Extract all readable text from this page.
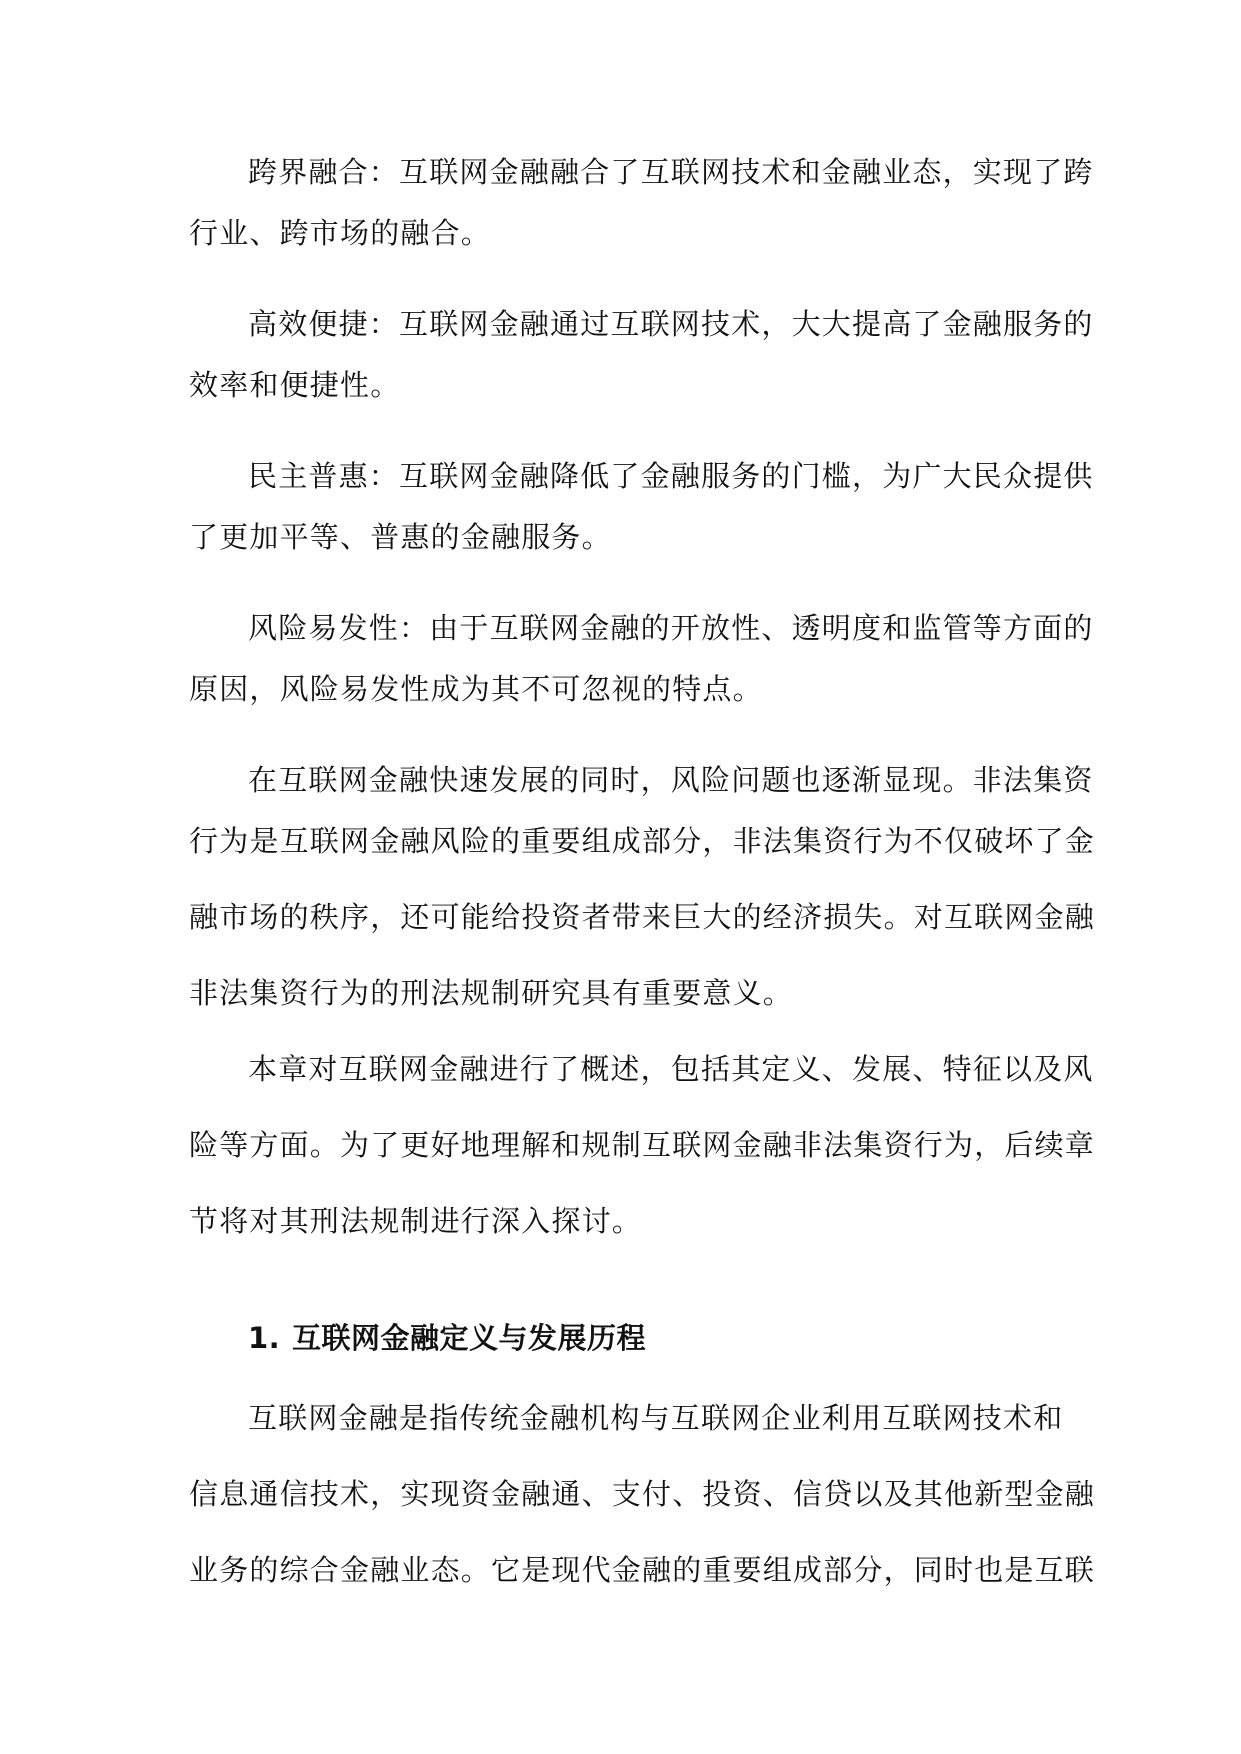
跨界融合：互联网金融融合了互联网技术和金融业态，实现了跨
行业、跨市场的融合。
高效便捷：互联网金融通过互联网技术，大大提高了金融服务的
效率和便捷性。
民主普惠：互联网金融降低了金融服务的门槛，为广大民众提供
了更加平等、普惠的金融服务。
风险易发性：由于互联网金融的开放性、透明度和监管等方面的
原因，风险易发性成为其不可忽视的特点。
在互联网金融快速发展的同时，风险问题也逐渐显现。非法集资
行为是互联网金融风险的重要组成部分，非法集资行为不仅破坏了金
融市场的秩序，还可能给投资者带来巨大的经济损失。对互联网金融
非法集资行为的刑法规制研究具有重要意义。
本章对互联网金融进行了概述，包括其定义、发展、特征以及风
险等方面。为了更好地理解和规制互联网金融非法集资行为，后续章
节将对其刑法规制进行深入探讨。
1. 互联网金融定义与发展历程
互联网金融是指传统金融机构与互联网企业利用互联网技术和
信息通信技术，实现资金融通、支付、投资、信贷以及其他新型金融
业务的综合金融业态。它是现代金融的重要组成部分，同时也是互联
